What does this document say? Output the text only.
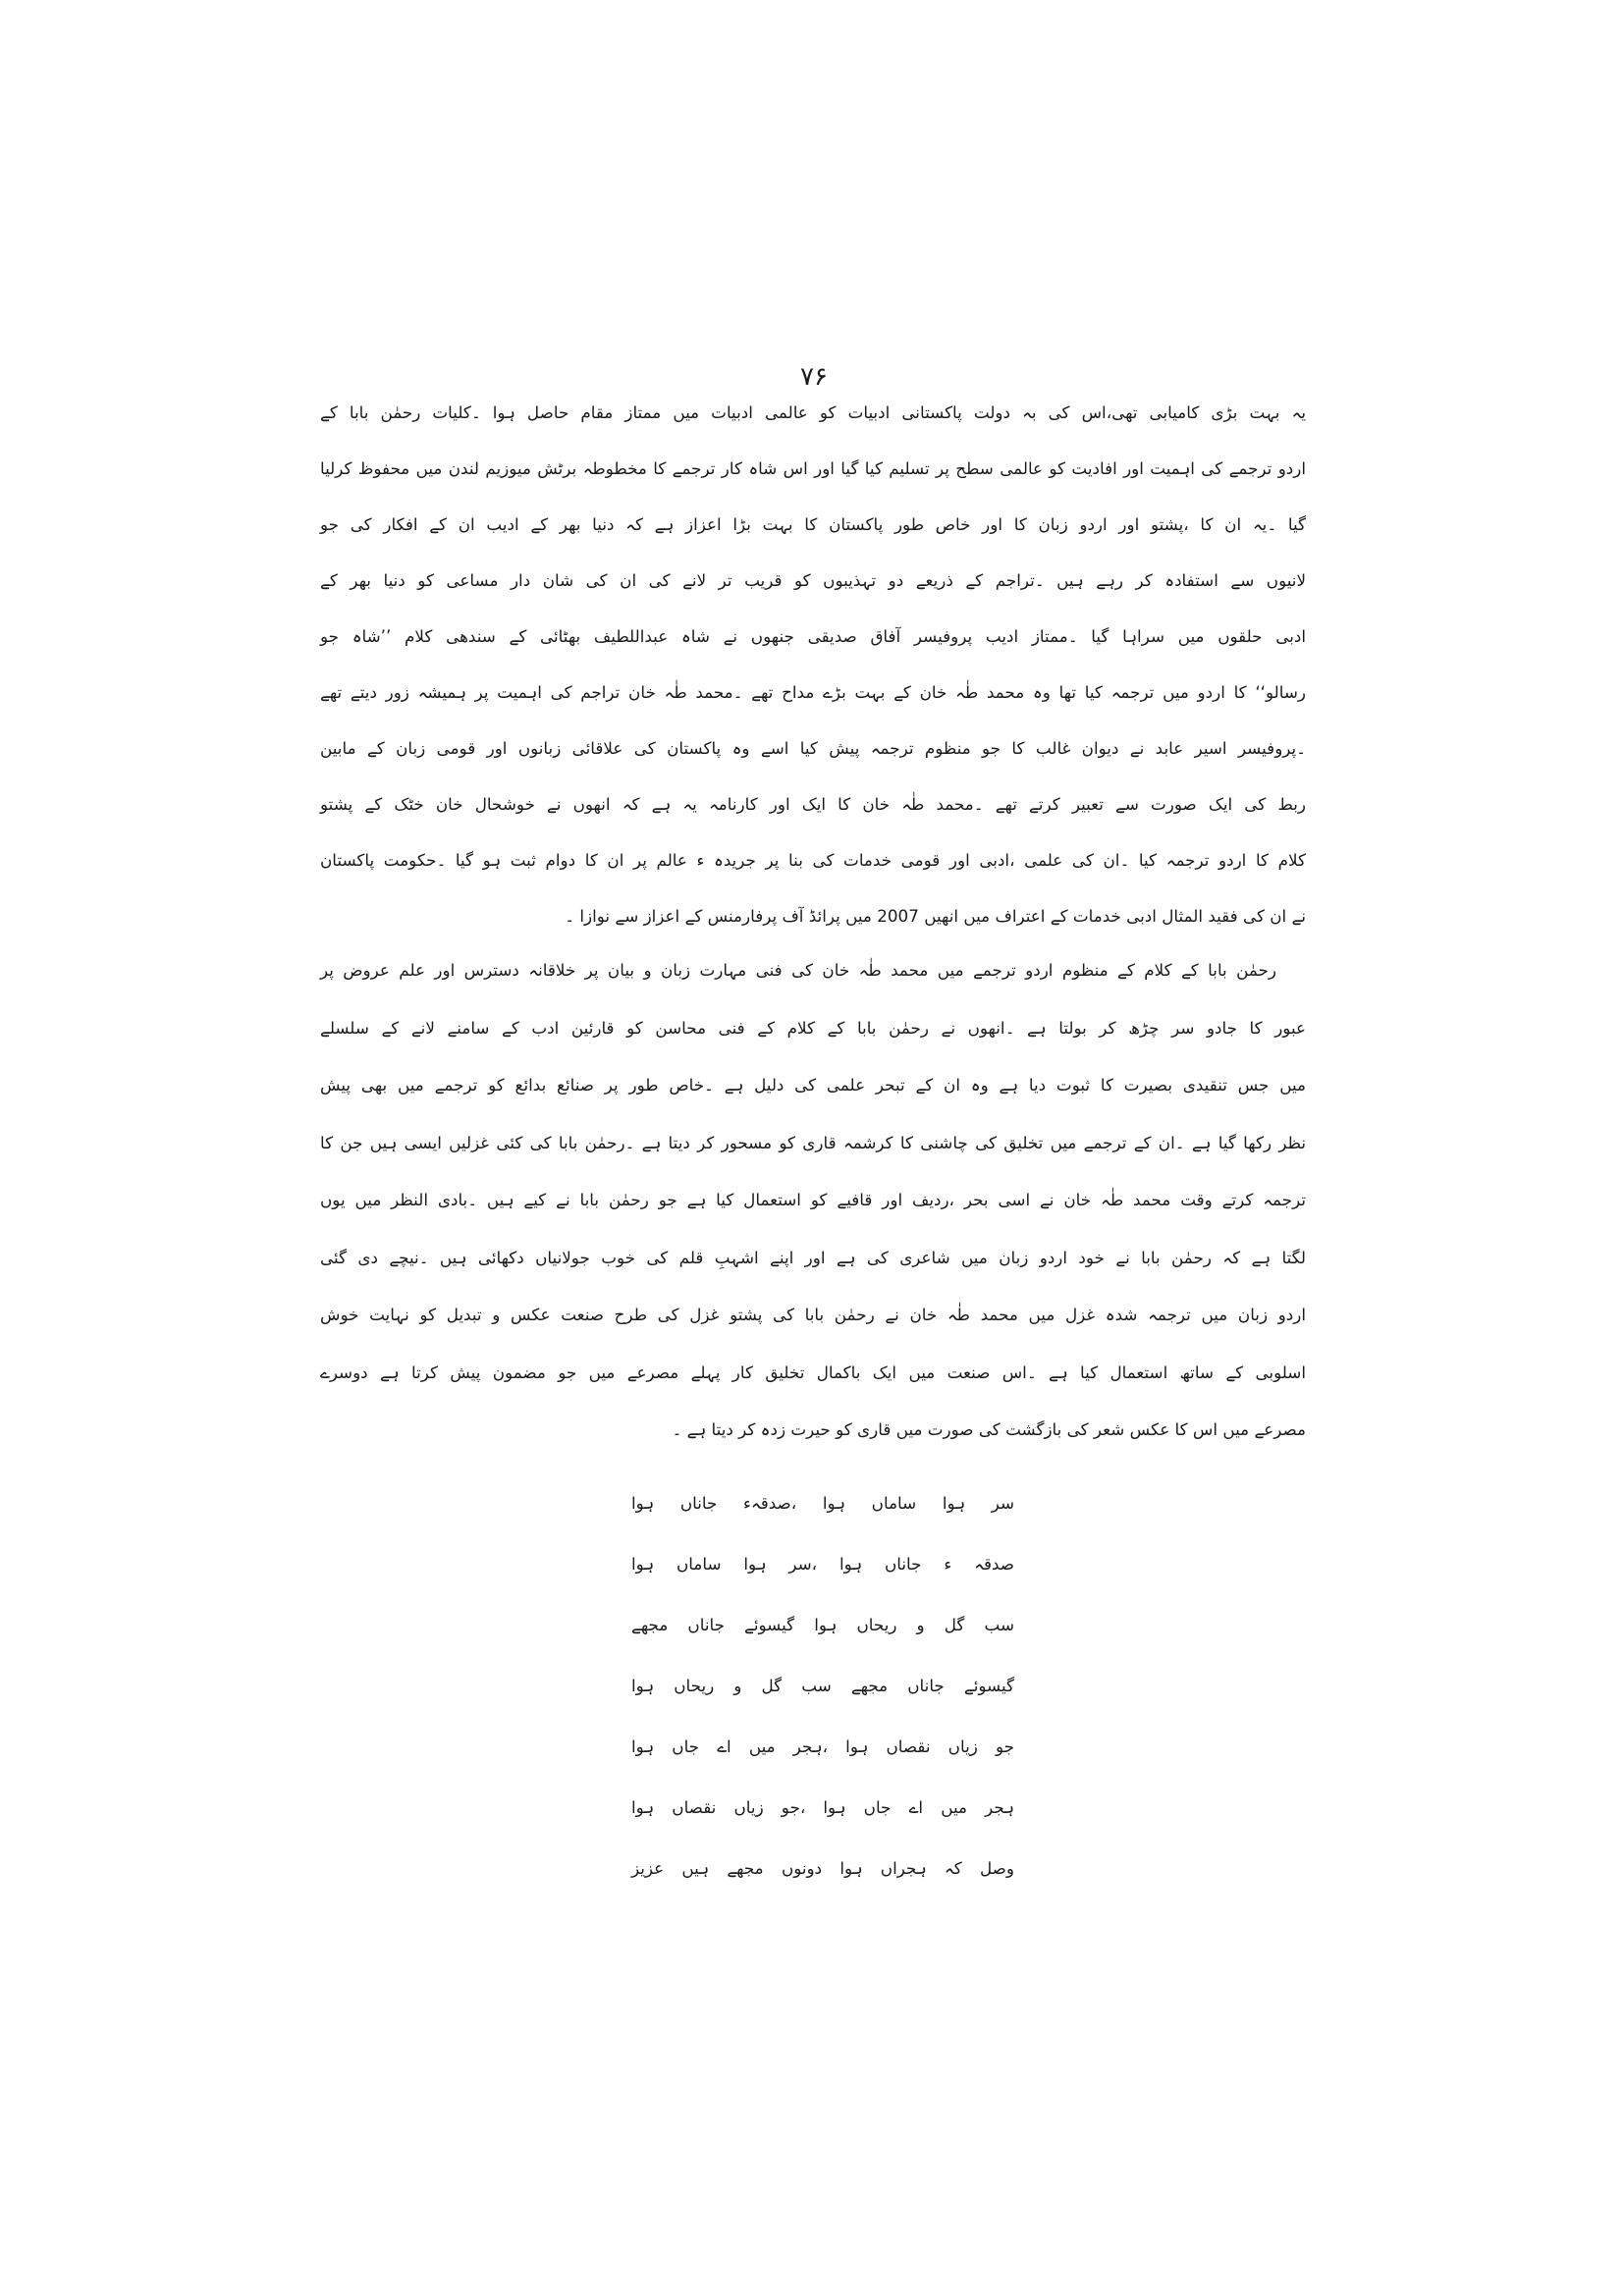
۷۶
یہ بہت بڑی کامیابی تھی،اس کی بہ دولت پاکستانی ادبیات کو عالمی ادبیات میں ممتاز مقام حاصل ہوا ۔کلیات رحمٰن بابا کے
اردو ترجمے کی اہمیت اور افادیت کو عالمی سطح پر تسلیم کیا گیا اور اس شاہ کار ترجمے کا مخطوطہ برٹش میوزیم لندن میں محفوظ کرلیا
گیا ۔یہ ان کا ،پشتو اور اردو زبان کا اور خاص طور پاکستان کا بہت بڑا اعزاز ہے کہ دنیا بھر کے ادیب ان کے افکار کی جو
لانیوں سے استفادہ کر رہے ہیں ۔تراجم کے ذریعے دو تہذیبوں کو قریب تر لانے کی ان کی شان دار مساعی کو دنیا بھر کے
ادبی حلقوں میں سراہا گیا ۔ممتاز ادیب پروفیسر آفاق صدیقی جنھوں نے شاہ عبداللطیف بھٹائی کے سندھی کلام ’’شاہ جو
رسالو‘‘ کا اردو میں ترجمہ کیا تھا وہ محمد طٰہ خان کے بہت بڑے مداح تھے ۔محمد طٰہ خان تراجم کی اہمیت پر ہمیشہ زور دیتے تھے
۔پروفیسر اسیر عابد نے دیوان غالب کا جو منظوم ترجمہ پیش کیا اسے وہ پاکستان کی علاقائی زبانوں اور قومی زبان کے مابین
ربط کی ایک صورت سے تعبیر کرتے تھے ۔محمد طٰہ خان کا ایک اور کارنامہ یہ ہے کہ انھوں نے خوشحال خان خٹک کے پشتو
کلام کا اردو ترجمہ کیا ۔ان کی علمی ،ادبی اور قومی خدمات کی بنا پر جریدہ ء عالم پر ان کا دوام ثبت ہو گیا ۔حکومت پاکستان
نے ان کی فقید المثال ادبی خدمات کے اعتراف میں انھیں 2007 میں پرائڈ آف پرفارمنس کے اعزاز سے نوازا ۔
رحمٰن بابا کے کلام کے منظوم اردو ترجمے میں محمد طٰہ خان کی فنی مہارت زبان و بیان پر خلاقانہ دسترس اور علم عروض پر
عبور کا جادو سر چڑھ کر بولتا ہے ۔انھوں نے رحمٰن بابا کے کلام کے فنی محاسن کو قارئین ادب کے سامنے لانے کے سلسلے
میں جس تنقیدی بصیرت کا ثبوت دیا ہے وہ ان کے تبحر علمی کی دلیل ہے ۔خاص طور پر صنائع بدائع کو ترجمے میں بھی پیش
نظر رکھا گیا ہے ۔ان کے ترجمے میں تخلیق کی چاشنی کا کرشمہ قاری کو مسحور کر دیتا ہے ۔رحمٰن بابا کی کئی غزلیں ایسی ہیں جن کا
ترجمہ کرتے وقت محمد طٰہ خان نے اسی بحر ،ردیف اور قافیے کو استعمال کیا ہے جو رحمٰن بابا نے کیے ہیں ۔بادی النظر میں یوں
لگتا ہے کہ رحمٰن بابا نے خود اردو زبان میں شاعری کی ہے اور اپنے اشہبِ قلم کی خوب جولانیاں دکھائی ہیں ۔نیچے دی گئی
اردو زبان میں ترجمہ شدہ غزل میں محمد طٰہ خان نے رحمٰن بابا کی پشتو غزل کی طرح صنعت عکس و تبدیل کو نہایت خوش
اسلوبی کے ساتھ استعمال کیا ہے ۔اس صنعت میں ایک باکمال تخلیق کار پہلے مصرعے میں جو مضمون پیش کرتا ہے دوسرے
مصرعے میں اس کا عکس شعر کی بازگشت کی صورت میں قاری کو حیرت زدہ کر دیتا ہے ۔
سر ہوا ساماں ہوا ،صدقہء جاناں ہوا
صدقہ ء جاناں ہوا ،سر ہوا ساماں ہوا
سب گل و ریحاں ہوا گیسوئے جاناں مجھے
گیسوئے جاناں مجھے سب گل و ریحاں ہوا
جو زیاں نقصاں ہوا ،ہجر میں اے جاں ہوا
ہجر میں اے جاں ہوا ،جو زیاں نقصاں ہوا
وصل کہ ہجراں ہوا دونوں مجھے ہیں عزیز
